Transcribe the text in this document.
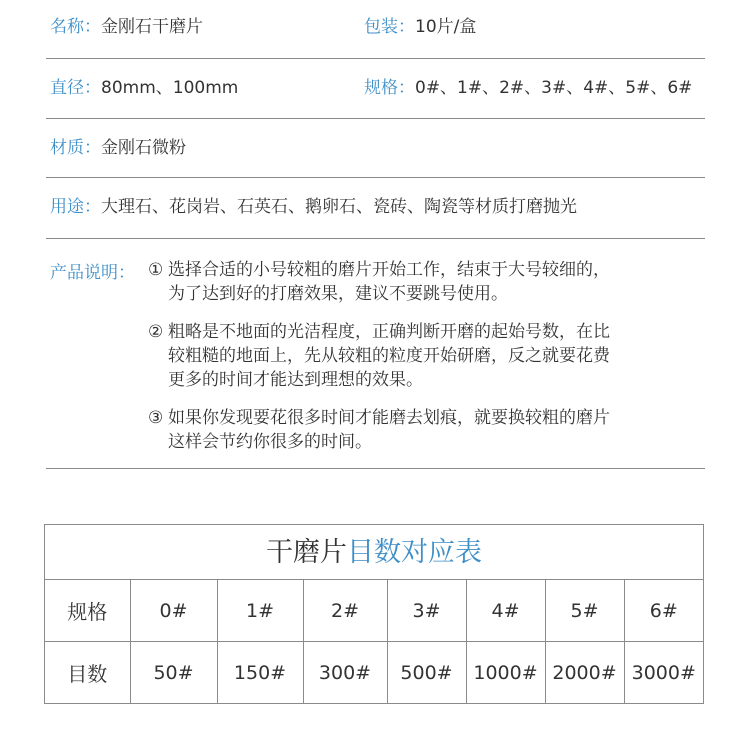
名称：金刚石干磨片	包装：10片/盒
直径：80mm、100mm	规格：0#、1#、2#、3#、4#、5#、6#
材质：金刚石微粉
用途：大理石、花岗岩、石英石、鹅卵石、瓷砖、陶瓷等材质打磨抛光
产品说明： ① 选择合适的小号较粗的磨片开始工作，结束于大号较细的，
为了达到好的打磨效果，建议不要跳号使用。
② 粗略是不地面的光洁程度，正确判断开磨的起始号数，在比
较粗糙的地面上，先从较粗的粒度开始研磨，反之就要花费
更多的时间才能达到理想的效果。
③ 如果你发现要花很多时间才能磨去划痕，就要换较粗的磨片
这样会节约你很多的时间。
干磨片目数对应表
规格	0#	1#	2#	3#	4#	5#	6#
目数	50#	150#	300#	500#	1000#	2000#	3000#
